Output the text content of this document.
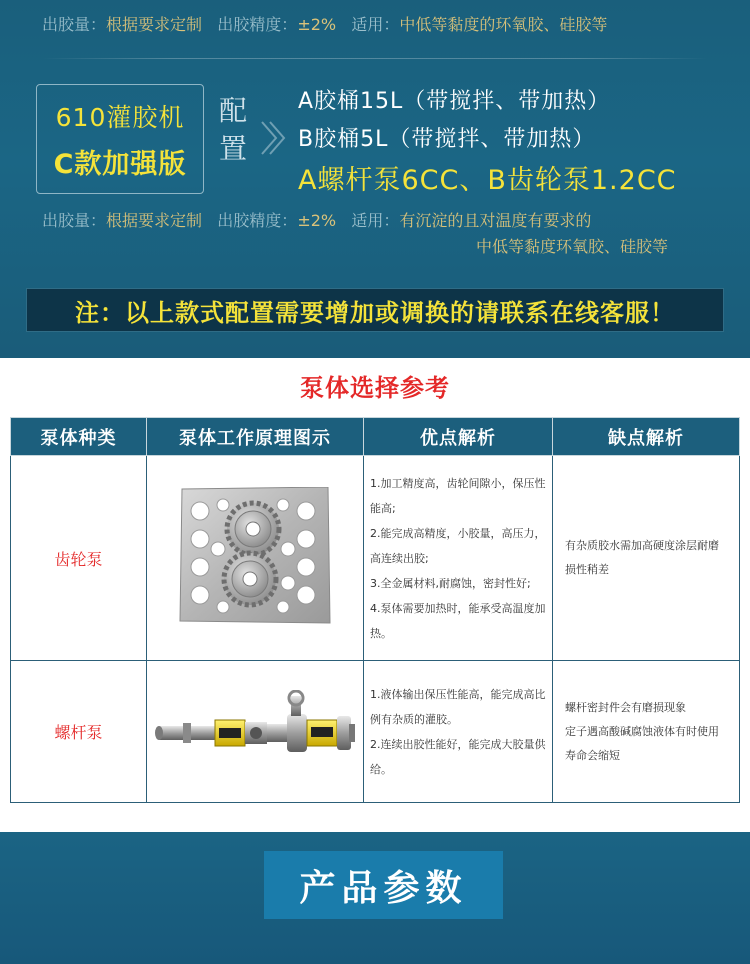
出胶量：根据要求定制 出胶精度：±2% 适用：中低等黏度的环氧胶、硅胶等
610灌胶机
C款加强版
配置
A胶桶15L（带搅拌、带加热）
B胶桶5L（带搅拌、带加热）
A螺杆泵6CC、B齿轮泵1.2CC
出胶量：根据要求定制 出胶精度：±2% 适用：有沉淀的且对温度有要求的
中低等黏度环氧胶、硅胶等
注：以上款式配置需要增加或调换的请联系在线客服！
泵体选择参考
泵体种类	泵体工作原理图示	优点解析	缺点解析
齿轮泵		1.加工精度高，齿轮间隙小，保压性能高;
2.能完成高精度，小胶量，高压力，高连续出胶;
3.全金属材料,耐腐蚀，密封性好;
4.泵体需要加热时，能承受高温度加热。	有杂质胶水需加高硬度涂层耐磨损性稍差

螺杆泵		1.液体输出保压性能高，能完成高比例有杂质的灌胶。
2.连续出胶性能好，能完成大胶量供给。	螺杆密封件会有磨损现象
定子遇高酸碱腐蚀液体有时使用寿命会缩短

产品参数
